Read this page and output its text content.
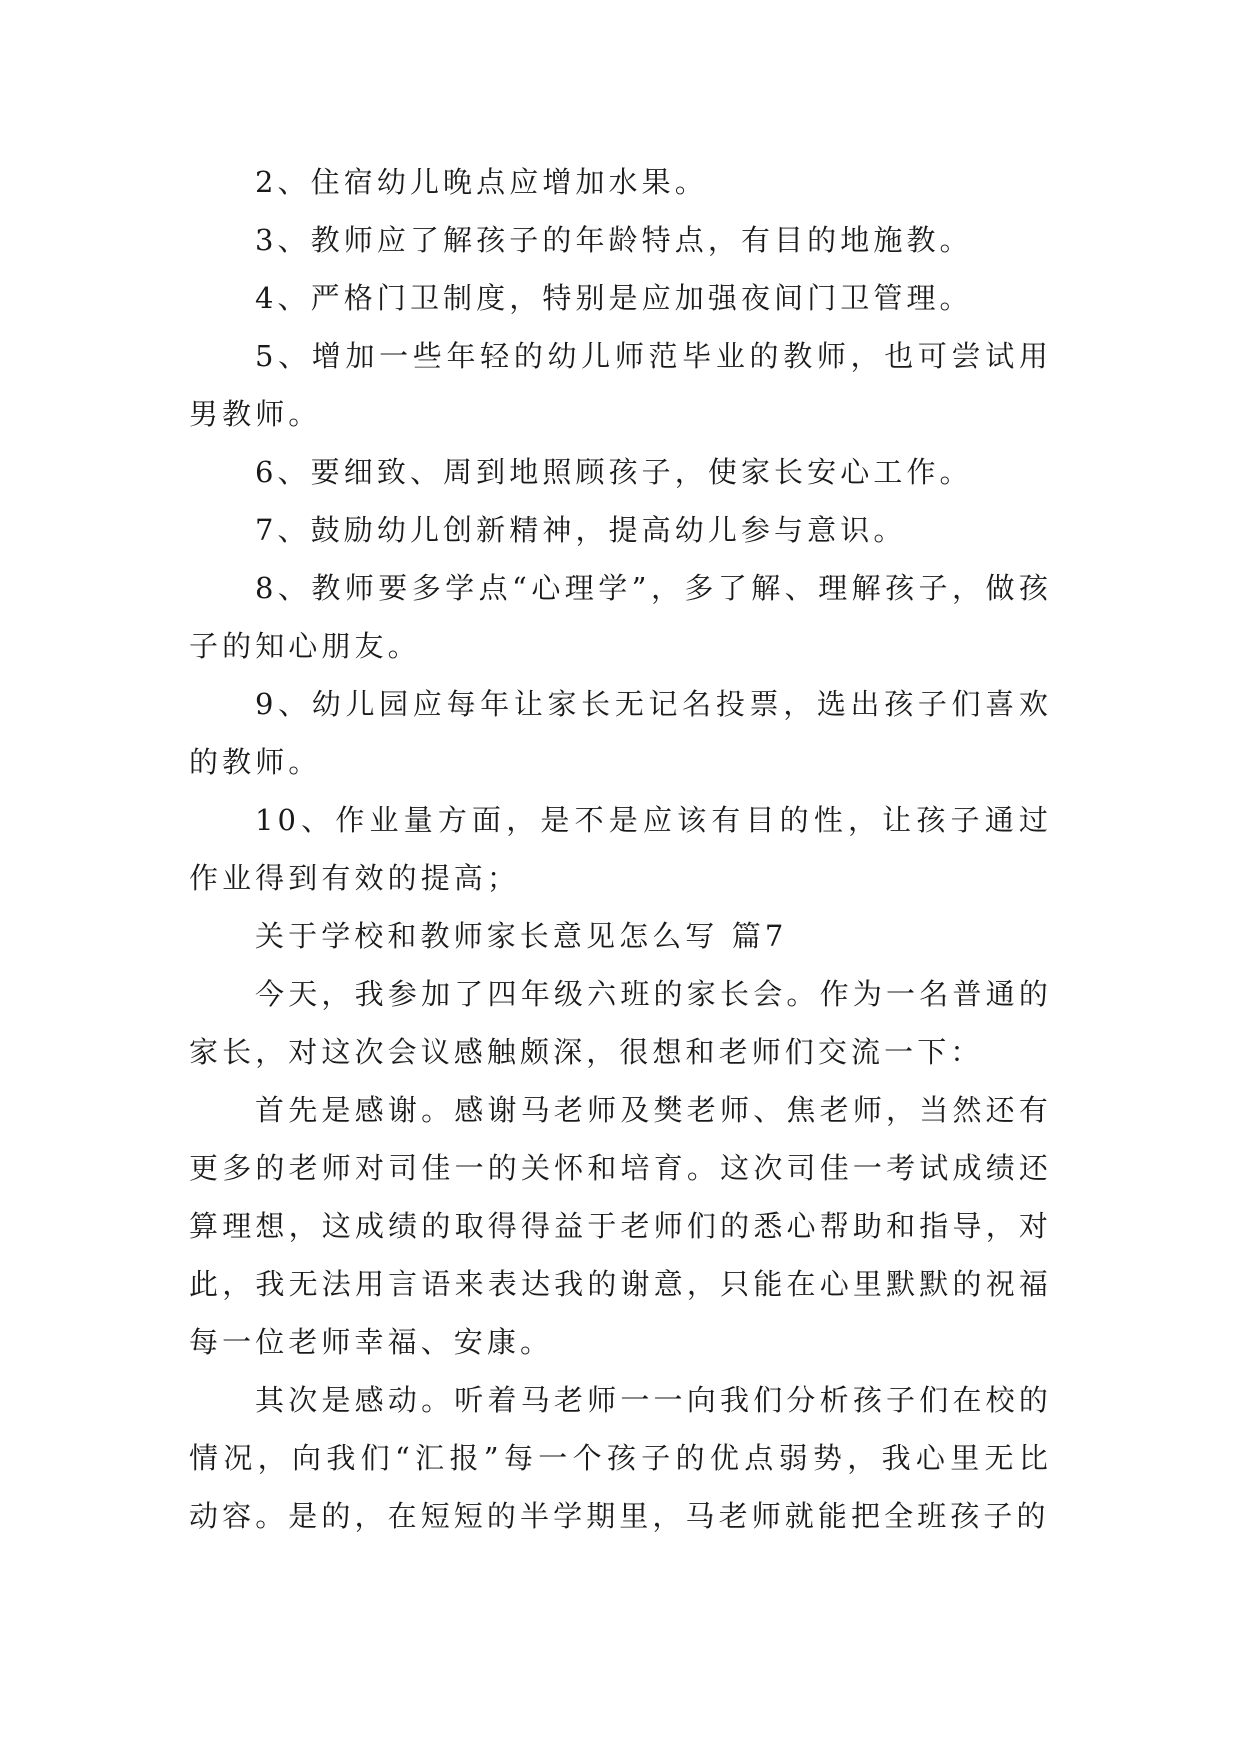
2、住宿幼儿晚点应增加水果。

3、教师应了解孩子的年龄特点，有目的地施教。

4、严格门卫制度，特别是应加强夜间门卫管理。

5、增加一些年轻的幼儿师范毕业的教师，也可尝试用男教师。

6、要细致、周到地照顾孩子，使家长安心工作。

7、鼓励幼儿创新精神，提高幼儿参与意识。

8、教师要多学点“心理学”，多了解、理解孩子，做孩子的知心朋友。

9、幼儿园应每年让家长无记名投票，选出孩子们喜欢的教师。

10、作业量方面，是不是应该有目的性，让孩子通过作业得到有效的提高；

关于学校和教师家长意见怎么写 篇7

今天，我参加了四年级六班的家长会。作为一名普通的家长，对这次会议感触颇深，很想和老师们交流一下：

首先是感谢。感谢马老师及樊老师、焦老师，当然还有更多的老师对司佳一的关怀和培育。这次司佳一考试成绩还算理想，这成绩的取得得益于老师们的悉心帮助和指导，对此，我无法用言语来表达我的谢意，只能在心里默默的祝福每一位老师幸福、安康。

其次是感动。听着马老师一一向我们分析孩子们在校的情况，向我们“汇报”每一个孩子的优点弱势，我心里无比动容。是的，在短短的半学期里，马老师就能把全班孩子的
